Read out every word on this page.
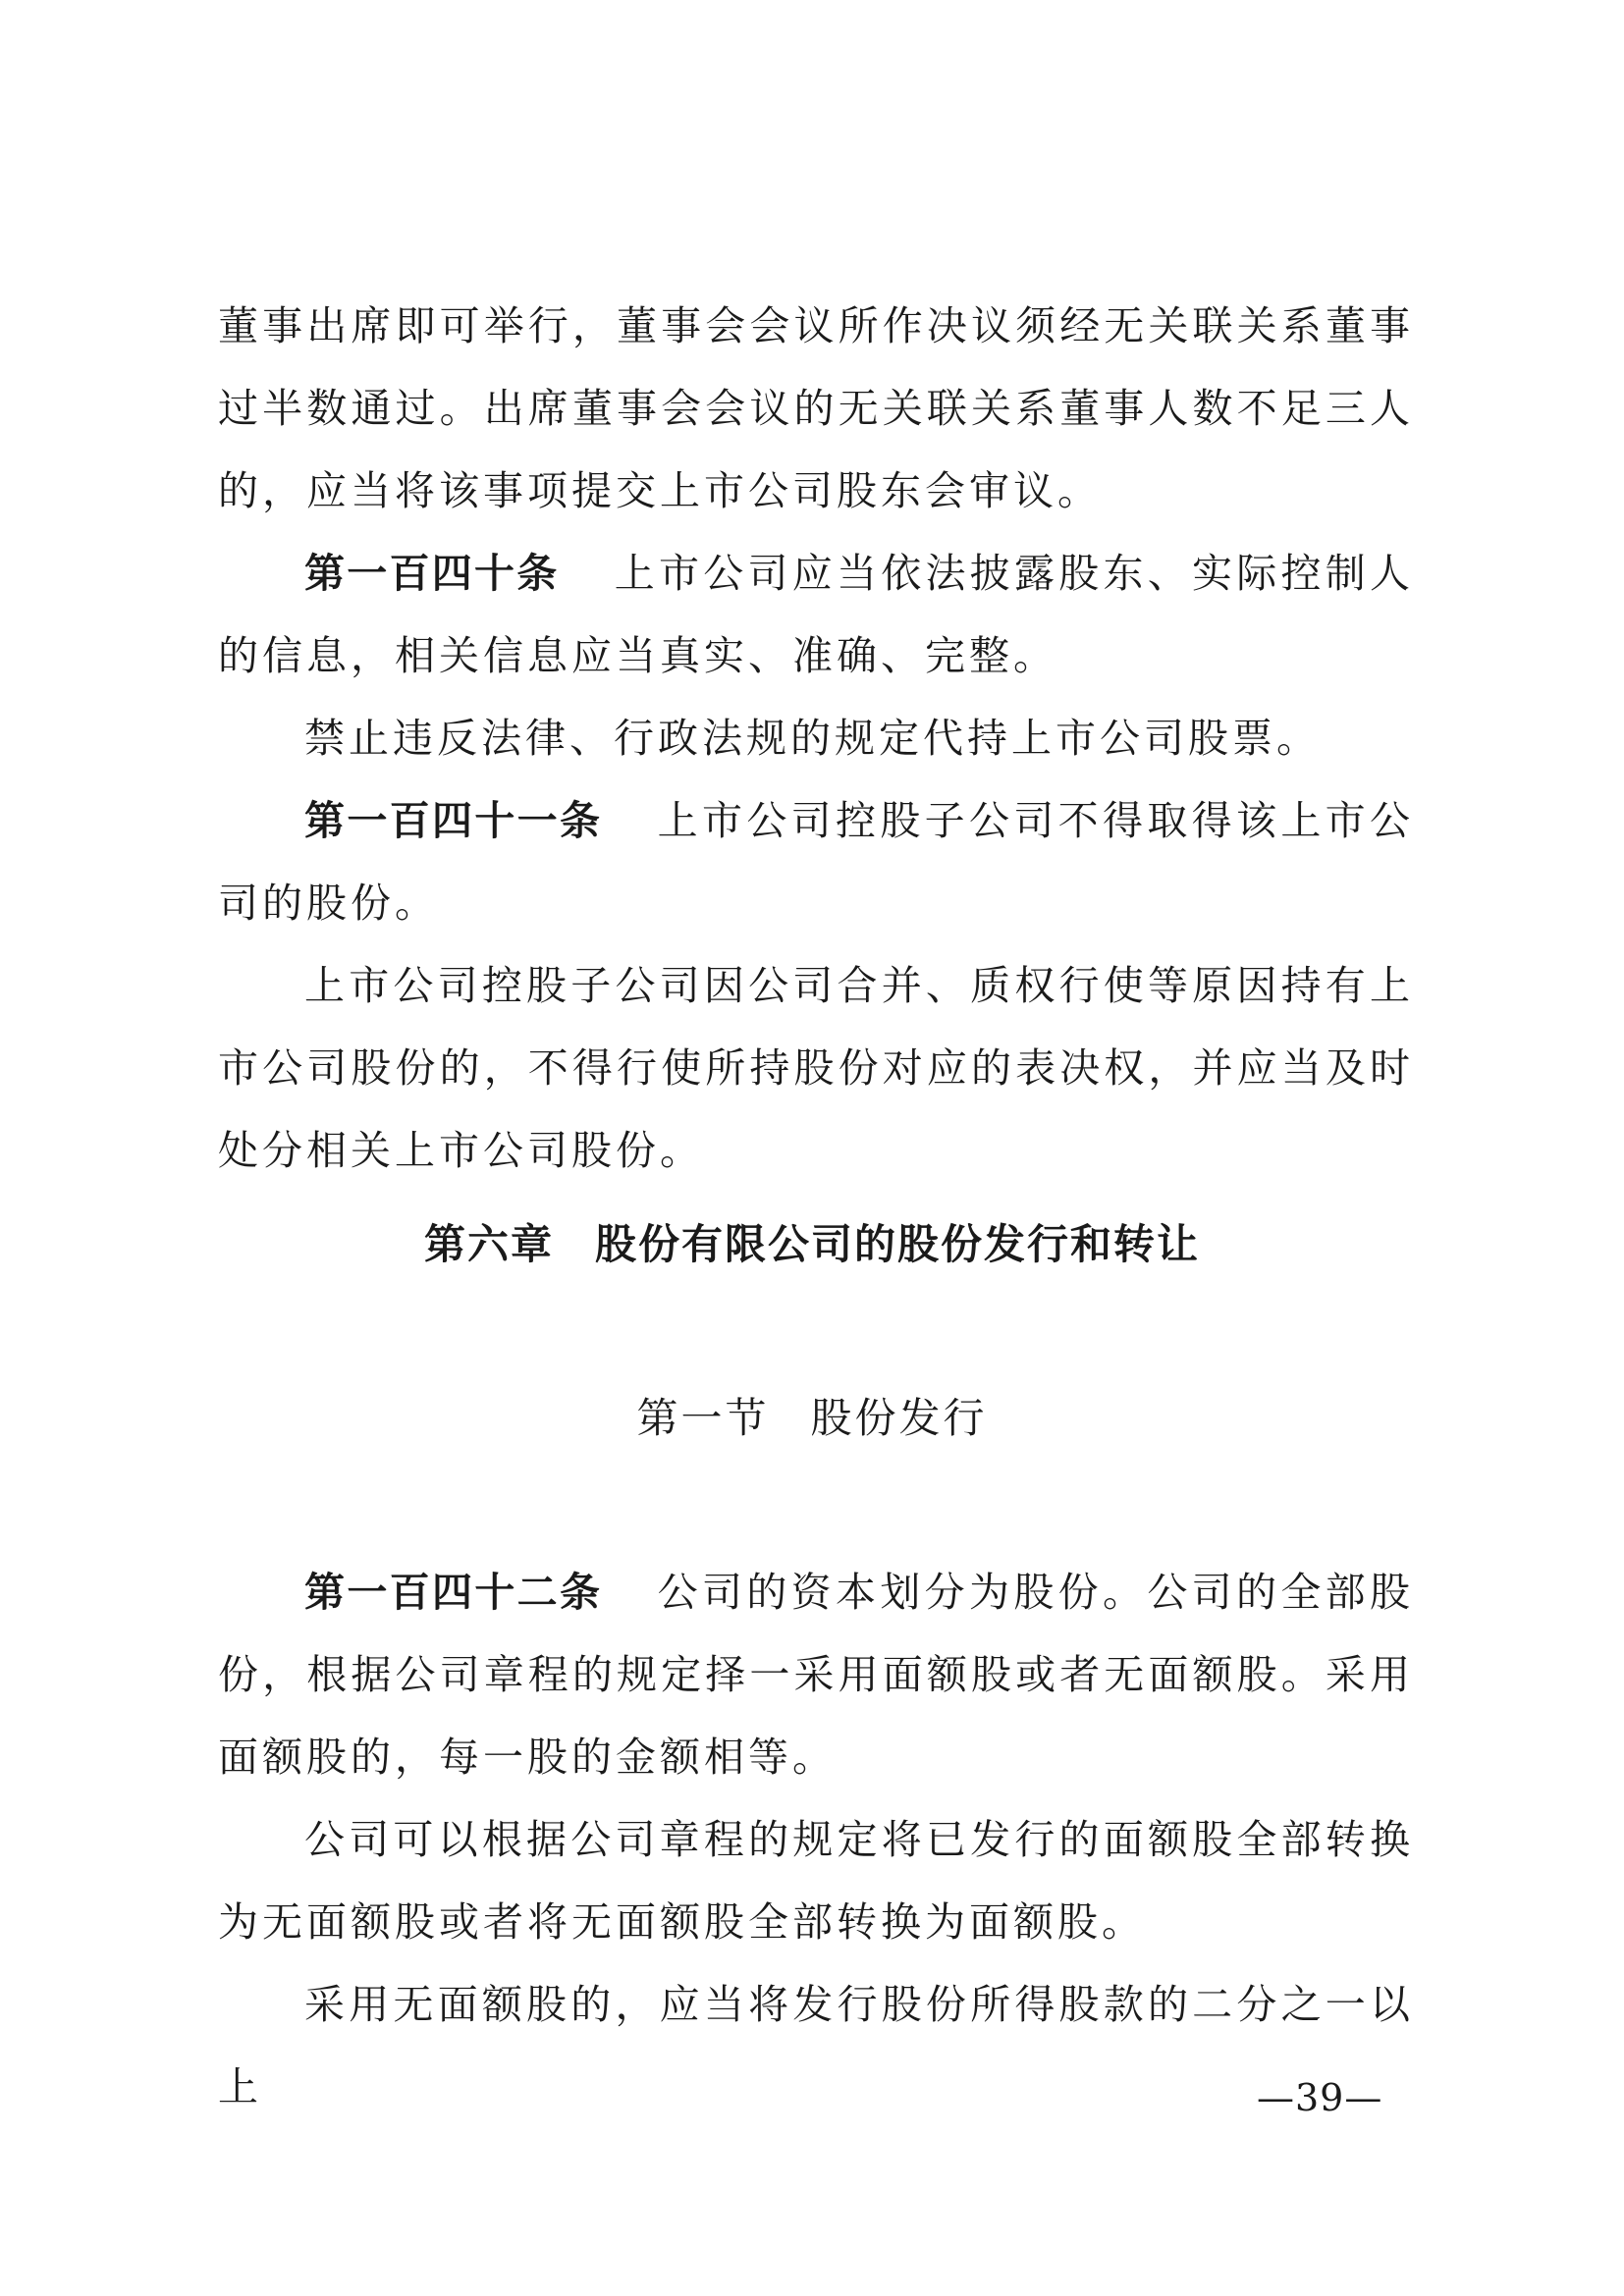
董事出席即可举行，董事会会议所作决议须经无关联关系董事过半数通过。出席董事会会议的无关联关系董事人数不足三人的，应当将该事项提交上市公司股东会审议。

第一百四十条 上市公司应当依法披露股东、实际控制人的信息，相关信息应当真实、准确、完整。

禁止违反法律、行政法规的规定代持上市公司股票。

第一百四十一条 上市公司控股子公司不得取得该上市公司的股份。

上市公司控股子公司因公司合并、质权行使等原因持有上市公司股份的，不得行使所持股份对应的表决权，并应当及时处分相关上市公司股份。

第六章 股份有限公司的股份发行和转让
第一节 股份发行

第一百四十二条 公司的资本划分为股份。公司的全部股份，根据公司章程的规定择一采用面额股或者无面额股。采用面额股的，每一股的金额相等。

公司可以根据公司章程的规定将已发行的面额股全部转换为无面额股或者将无面额股全部转换为面额股。

采用无面额股的，应当将发行股份所得股款的二分之一以上	—39—
